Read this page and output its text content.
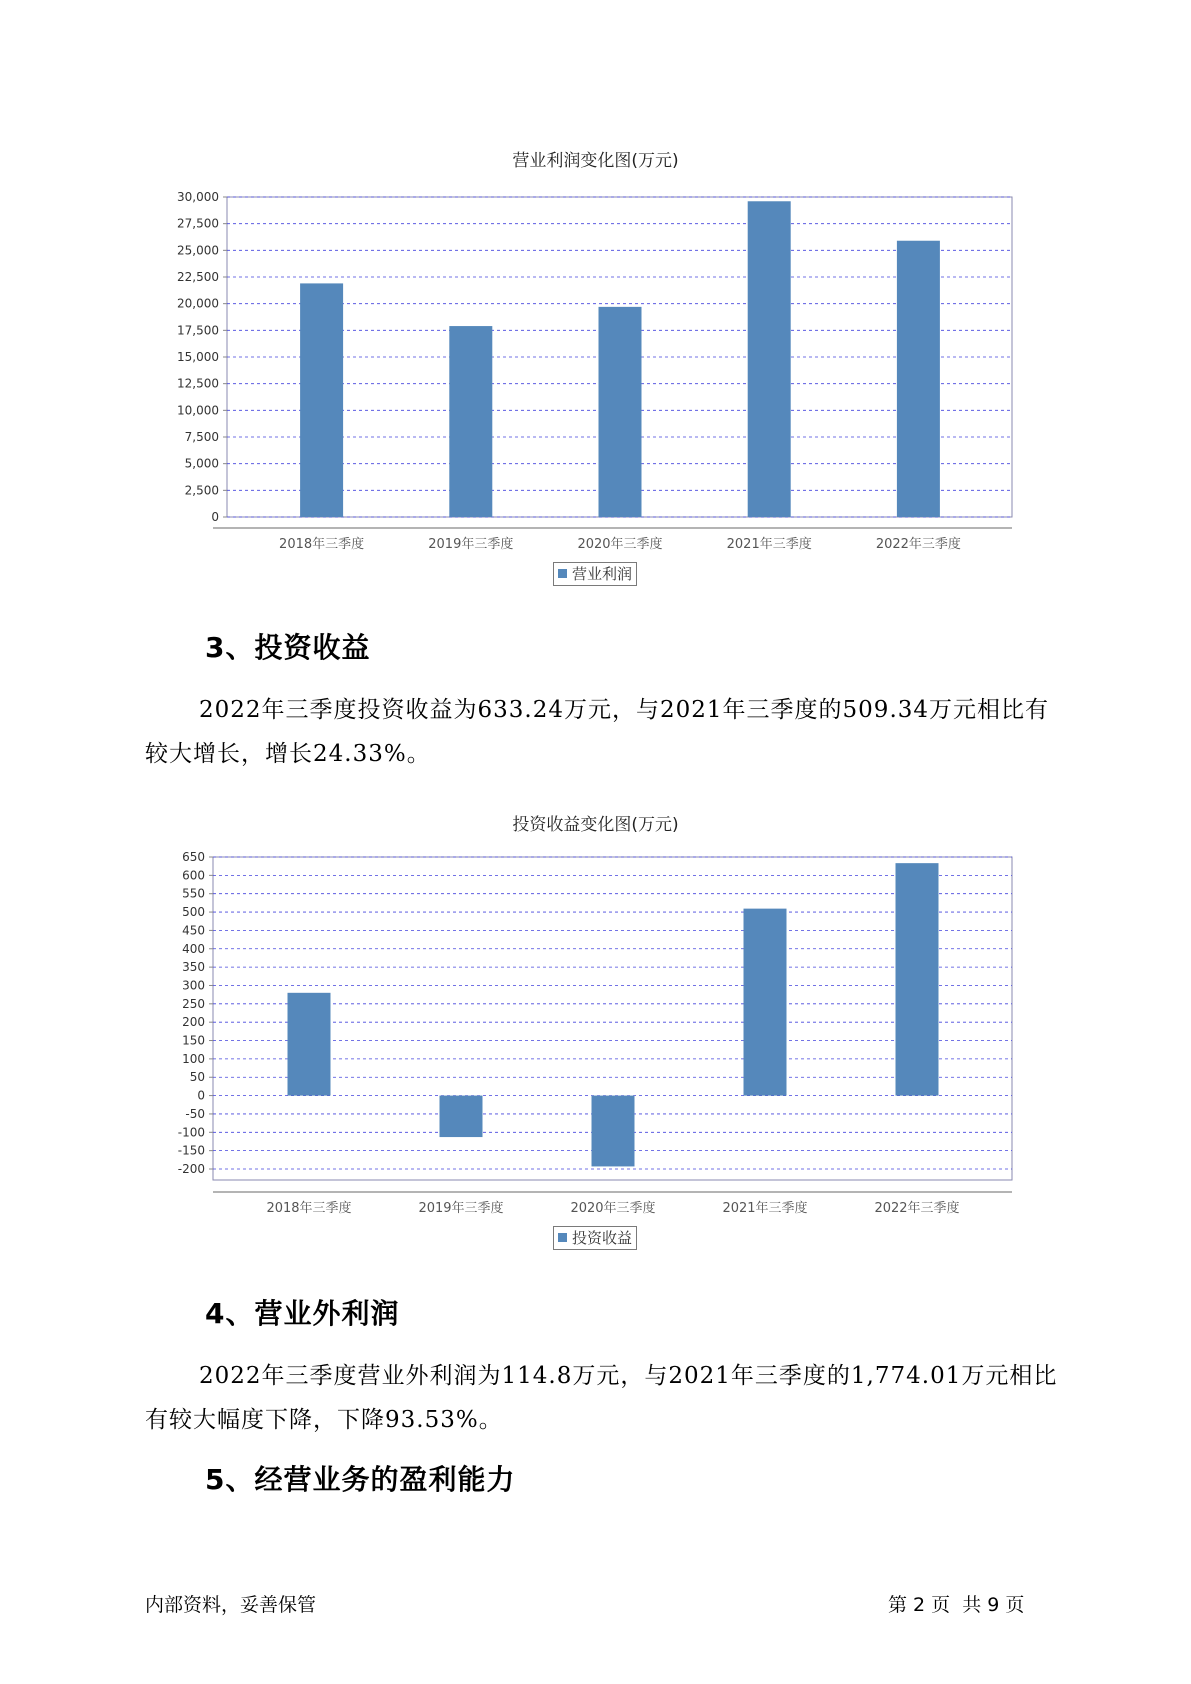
营业利润变化图(万元)
0
2,500
5,000
7,500
10,000
12,500
15,000
17,500
20,000
22,500
25,000
27,500
30,000
2018年三季度	2019年三季度	2020年三季度	2021年三季度	2022年三季度
营业利润
3、投资收益
2022年三季度投资收益为633.24万元，与2021年三季度的509.34万元相比有较大增长，增长24.33%。
投资收益变化图(万元)
650
600
550
500
450
400
350
300
250
200
150
100
50
0
-50
-100
-150
-200
2018年三季度	2019年三季度	2020年三季度	2021年三季度	2022年三季度
投资收益
4、营业外利润
2022年三季度营业外利润为114.8万元，与2021年三季度的1,774.01万元相比有较大幅度下降，下降93.53%。
5、经营业务的盈利能力
内部资料，妥善保管	第 2 页  共 9 页
